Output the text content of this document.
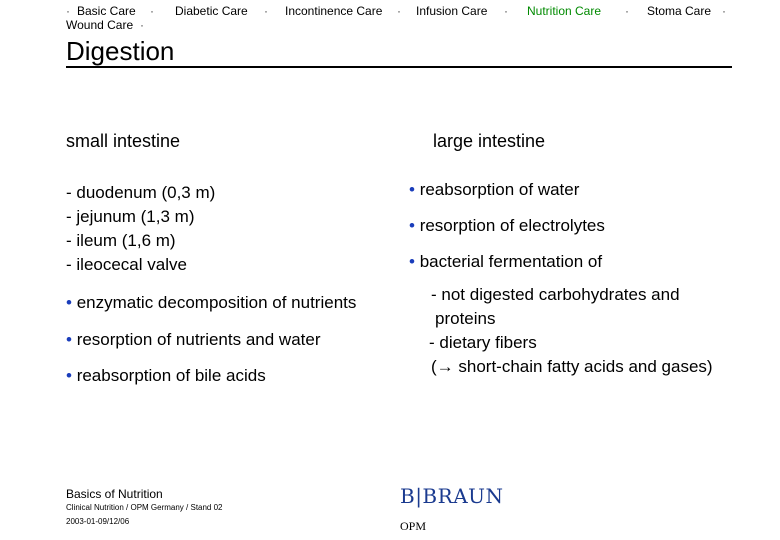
· Basic Care · Diabetic Care · Incontinence Care · Infusion Care · Nutrition Care · Stoma Care ·
Wound Care ·
Digestion
small intestine	large intestine
- duodenum (0,3 m)
- jejunum (1,3 m)
- ileum (1,6 m)
- ileocecal valve
• reabsorption of water
• resorption of electrolytes
• bacterial fermentation of
- not digested carbohydrates and
proteins
- dietary fibers
(→ short-chain fatty acids and gases)
• enzymatic decomposition of nutrients
• resorption of nutrients and water
• reabsorption of bile acids
Basics of Nutrition
Clinical Nutrition / OPM Germany / Stand 02
2003-01-09/12/06
B|BRAUN
OPM
